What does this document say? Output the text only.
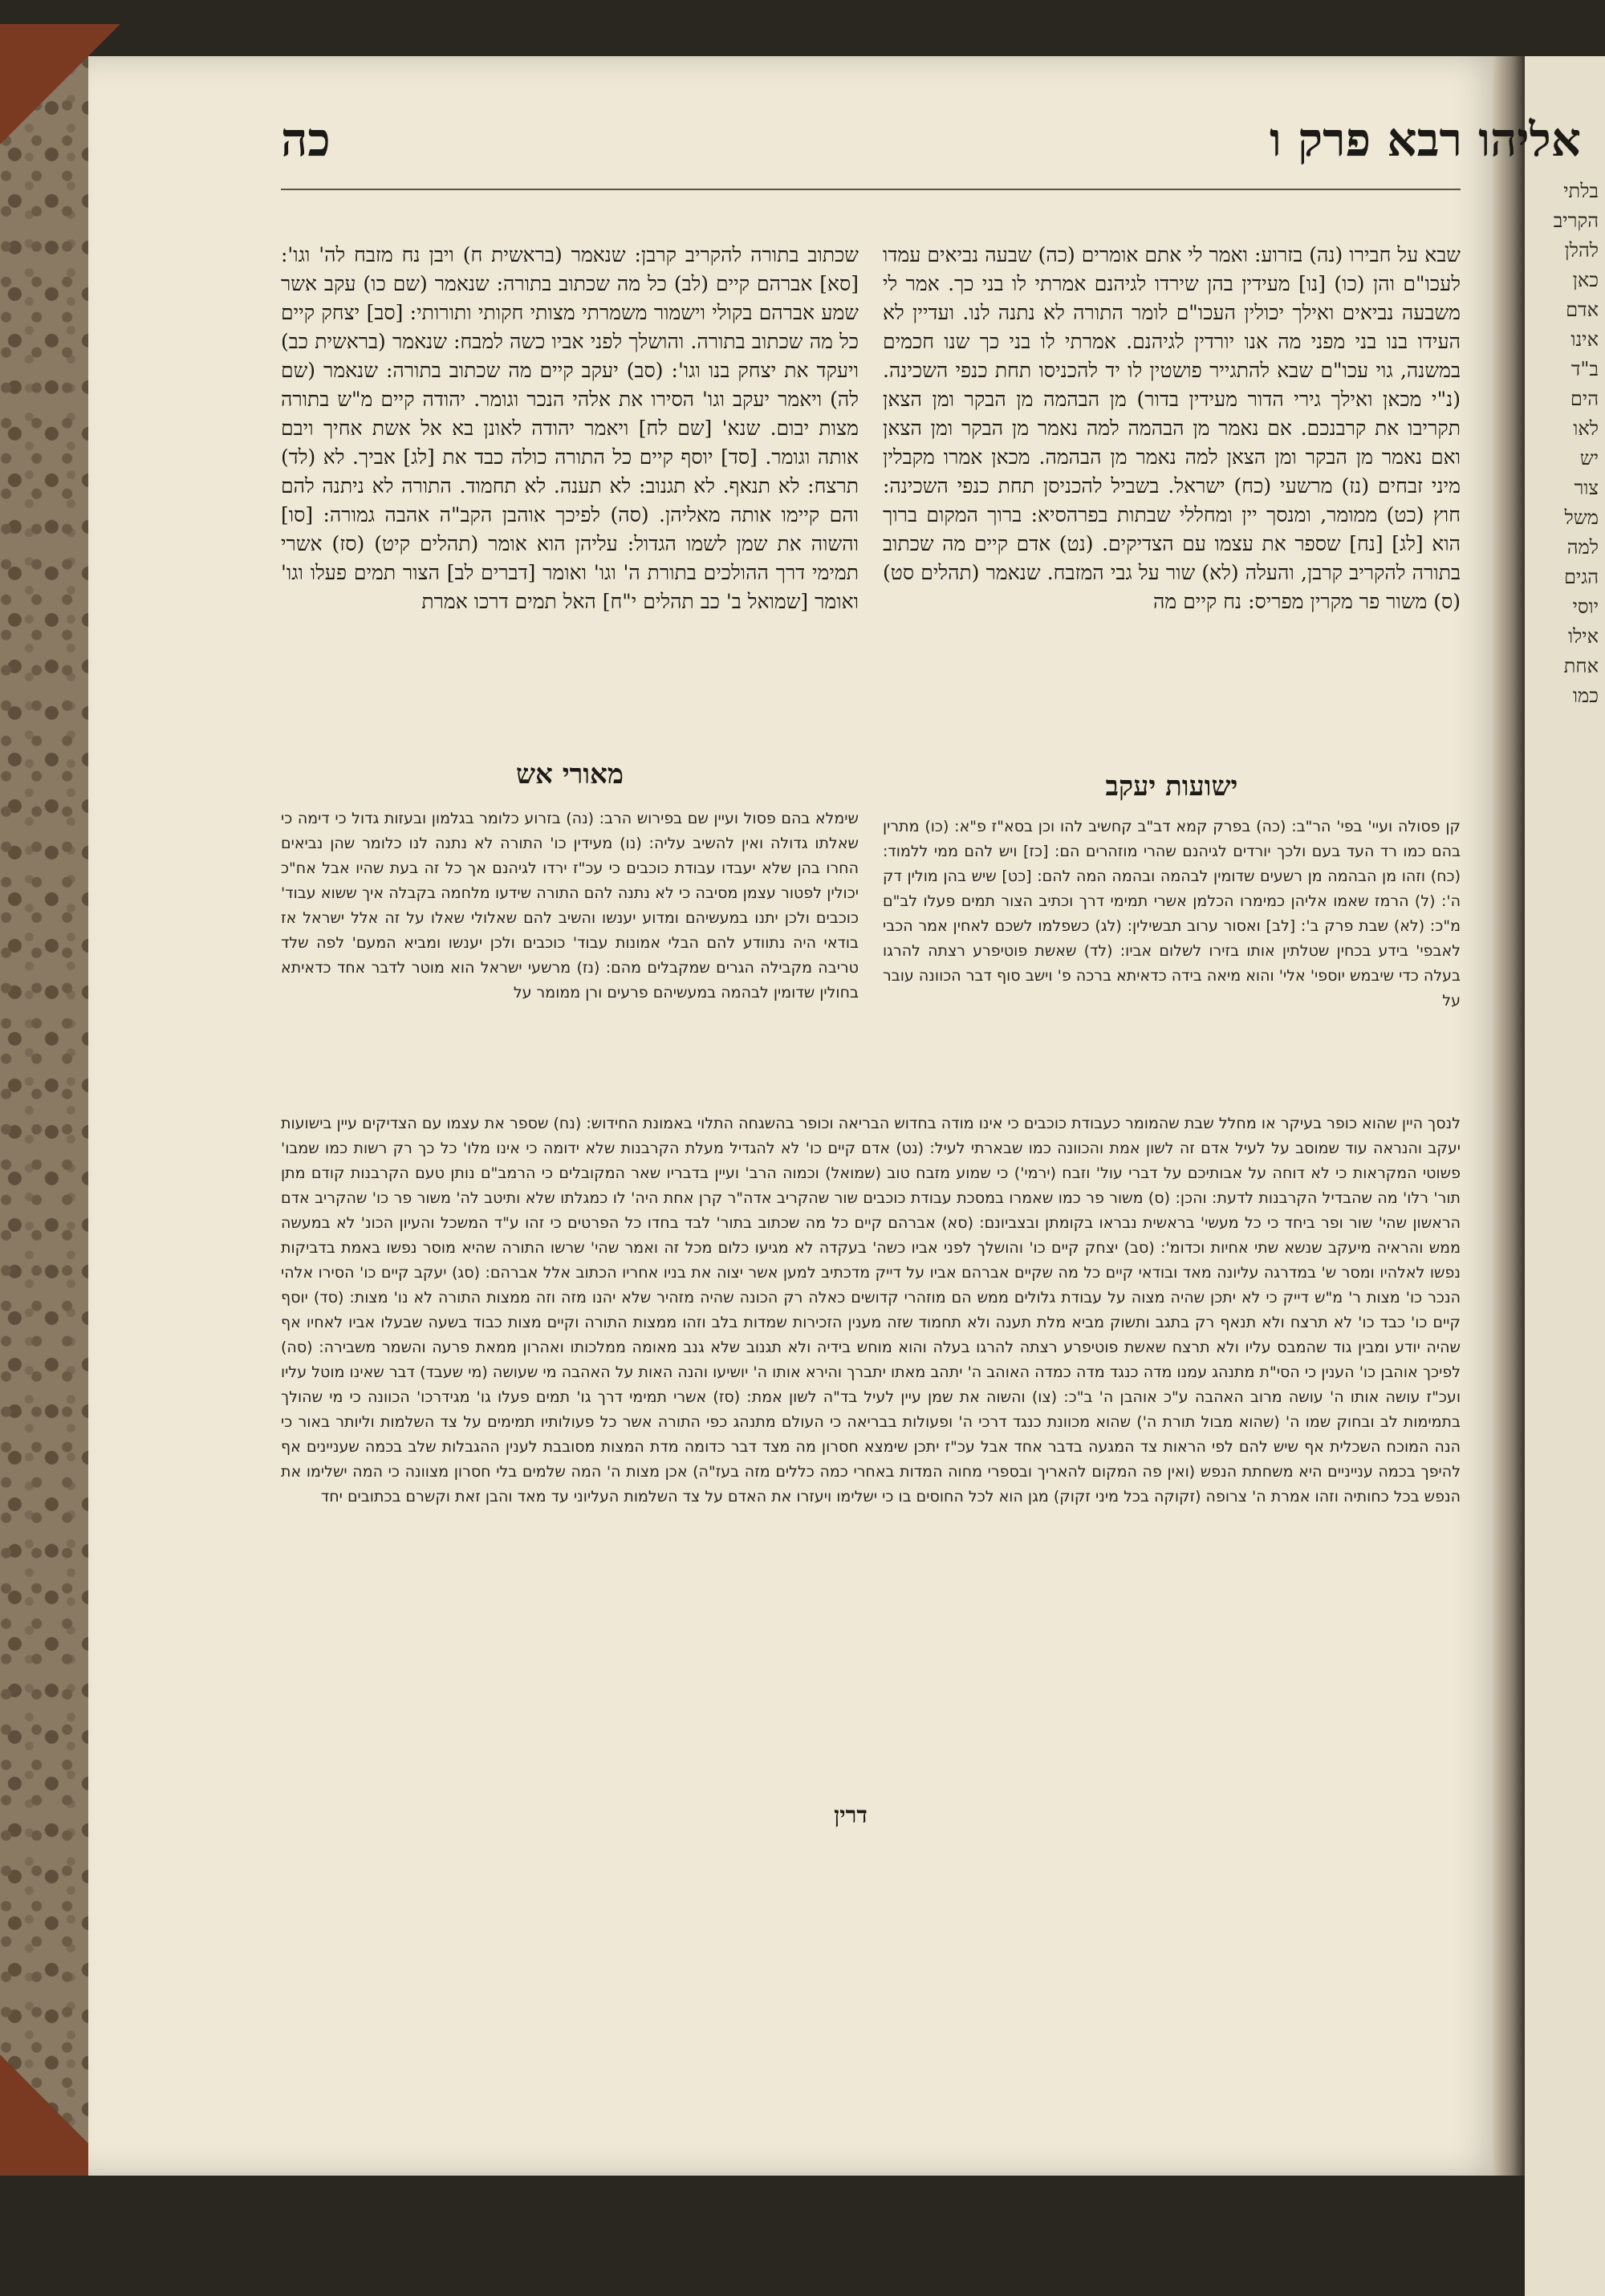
בלתי
הקריב
להלן
כאן
אדם
אינו
ב"ד
הים
לאו
יש
צור
משל
למה
הגים
יוסי
אילו
אחת
כמו
אליהו רבא פרק ו
כה

שבא על חבירו (נה) בזרוע: ואמר לי אתם אומרים (כה) שבעה נביאים עמדו לעכו"ם והן (כו) [נו] מעידין בהן שירדו לגיהנם אמרתי לו בני כך. אמר לי משבעה נביאים ואילך יכולין העכו"ם לומר התורה לא נתנה לנו. ועדיין לא העידו בנו בני מפני מה אנו יורדין לגיהנם. אמרתי לו בני כך שנו חכמים במשנה, גוי עכו"ם שבא להתגייר פושטין לו יד להכניסו תחת כנפי השכינה. (נ"י מכאן ואילך גירי הדור מעידין בדור) מן הבהמה מן הבקר ומן הצאן תקריבו את קרבנכם. אם נאמר מן הבהמה למה נאמר מן הבקר ומן הצאן ואם נאמר מן הבקר ומן הצאן למה נאמר מן הבהמה. מכאן אמרו מקבלין מיני זבחים (נז) מרשעי (כח) ישראל. בשביל להכניסן תחת כנפי השכינה: חוץ (כט) ממומר, ומנסך יין ומחללי שבתות בפרהסיא: ברוך המקום ברוך הוא [לג] [נח] שספר את עצמו עם הצדיקים. (נט) אדם קיים מה שכתוב בתורה להקריב קרבן, והעלה (לא) שור על גבי המזבח. שנאמר (תהלים סט) (ס) משור פר מקרין מפריס: נח קיים מה

שכתוב בתורה להקריב קרבן: שנאמר (בראשית ח) ויבן נח מזבח לה' וגו': [סא] אברהם קיים (לב) כל מה שכתוב בתורה: שנאמר (שם כו) עקב אשר שמע אברהם בקולי וישמור משמרתי מצותי חקותי ותורותי: [סב] יצחק קיים כל מה שכתוב בתורה. והושלך לפני אביו כשה למבח: שנאמר (בראשית כב) ויעקד את יצחק בנו וגו': (סב) יעקב קיים מה שכתוב בתורה: שנאמר (שם לה) ויאמר יעקב וגו' הסירו את אלהי הנכר וגומר. יהודה קיים מ"ש בתורה מצות יבום. שנא' [שם לח] ויאמר יהודה לאונן בא אל אשת אחיך ויבם אותה וגומר. [סד] יוסף קיים כל התורה כולה כבד את [לג] אביך. לא (לד) תרצח: לא תנאף. לא תגנוב: לא תענה. לא תחמוד. התורה לא ניתנה להם והם קיימו אותה מאליהן. (סה) לפיכך אוהבן הקב"ה אהבה גמורה: [סו] והשוה את שמן לשמו הגדול: עליהן הוא אומר (תהלים קיט) (סז) אשרי תמימי דרך ההולכים בתורת ה' וגו' ואומר [דברים לב] הצור תמים פעלו וגו' ואומר [שמואל ב' כב תהלים י"ח] האל תמים דרכו אמרת

ישועות יעקב
מאורי אש

קן פסולה ועיי' בפי' הר"ב: (כה) בפרק קמא דב"ב קחשיב להו וכן בסא"ז פ"א: (כו) מתרין בהם כמו רד העד בעם ולכך יורדים לגיהנם שהרי מוזהרים הם: [כז] ויש להם ממי ללמוד: (כח) וזהו מן הבהמה מן רשעים שדומין לבהמה ובהמה המה להם: [כט] שיש בהן מולין דק ה': (ל) הרמז שאמו אליהן כמימרו הכלמן אשרי תמימי דרך וכתיב הצור תמים פעלו לב"ם מ"כ: (לא) שבת פרק ב': [לב] ואסור ערוב תבשילין: (לג) כשפלמו לשכם לאחין אמר הכבי לאבפי' בידע בכחין שטלתין אותו בזירו לשלום אביו: (לד) שאשת פוטיפרע רצתה להרגו בעלה כדי שיבמש יוספי' אלי' והוא מיאה בידה כדאיתא ברכה פ' וישב סוף דבר הכוונה עובר על

שימלא בהם פסול ועיין שם בפירוש הרב: (נה) בזרוע כלומר בגלמון ובעזות גדול כי דימה כי שאלתו גדולה ואין להשיב עליה: (נו) מעידין כו' התורה לא נתנה לנו כלומר שהן נביאים החרו בהן שלא יעבדו עבודת כוכבים כי עכ"ז ירדו לגיהנם אך כל זה בעת שהיו אבל אח"כ יכולין לפטור עצמן מסיבה כי לא נתנה להם התורה שידעו מלחמה בקבלה איך ששוא עבוד' כוכבים ולכן יתנו במעשיהם ומדוע יענשו והשיב להם שאלולי שאלו על זה אלל ישראל אז בודאי היה נתוודע להם הבלי אמונות עבוד' כוכבים ולכן יענשו ומביא המעם' לפה שלד טריבה מקבילה הגרים שמקבלים מהם: (נז) מרשעי ישראל הוא מוטר לדבר אחד כדאיתא בחולין שדומין לבהמה במעשיהם פרעים ורן ממומר על

לנסך היין שהוא כופר בעיקר או מחלל שבת שהמומר כעבודת כוכבים כי אינו מודה בחדוש הבריאה וכופר בהשגחה התלוי באמונת החידוש: (נח) שספר את עצמו עם הצדיקים עיין בישועות יעקב והנראה עוד שמוסב על לעיל אדם זה לשון אמת והכוונה כמו שבארתי לעיל: (נט) אדם קיים כו' לא להגדיל מעלת הקרבנות שלא ידומה כי אינו מלו' כל כך רק רשות כמו שמבו' פשוטי המקראות כי לא דוחה על אבותיכם על דברי עול' וזבח (ירמי') כי שמוע מזבח טוב (שמואל) וכמוה הרב' ועיין בדבריו שאר המקובלים כי הרמב"ם נותן טעם הקרבנות קודם מתן תור' רלו' מה שהבדיל הקרבנות לדעת: והכן: (ס) משור פר כמו שאמרו במסכת עבודת כוכבים שור שהקריב אדה"ר קרן אחת היה' לו כמגלתו שלא ותיטב לה' משור פר כו' שהקריב אדם הראשון שהי' שור ופר ביחד כי כל מעשי' בראשית נבראו בקומתן ובצביונם: (סא) אברהם קיים כל מה שכתוב בתור' לבד בחדו כל הפרטים כי זהו ע"ד המשכל והעיון הכונ' לא במעשה ממש והראיה מיעקב שנשא שתי אחיות וכדומ': (סב) יצחק קיים כו' והושלך לפני אביו כשה' בעקדה לא מגיעו כלום מכל זה ואמר שהי' שרשו התורה שהיא מוסר נפשו באמת בדביקות נפשו לאלהיו ומסר ש' במדרגה עליונה מאד ובודאי קיים כל מה שקיים אברהם אביו על דייק מדכתיב למען אשר יצוה את בניו אחריו הכתוב אלל אברהם: (סג) יעקב קיים כו' הסירו אלהי הנכר כו' מצות ר' מ"ש דייק כי לא יתכן שהיה מצוה על עבודת גלולים ממש הם מוזהרי קדושים כאלה רק הכונה שהיה מזהיר שלא יהנו מזה וזה ממצות התורה לא נו' מצות: (סד) יוסף קיים כו' כבד כו' לא תרצח ולא תנאף רק בתגב ותשוק מביא מלת תענה ולא תחמוד שזה מענין הזכירות שמדות בלב וזהו ממצות התורה וקיים מצות כבוד בשעה שבעלו אביו לאחיו אף שהיה יודע ומבין גוד שהמבס עליו ולא תרצח שאשת פוטיפרע רצתה להרגו בעלה והוא מוחש בידיה ולא תגנוב שלא גנב מאומה ממלכותו ואהרון ממאת פרעה והשמר משבירה: (סה) לפיכך אוהבן כו' הענין כי הסי"ת מתנהג עמנו מדה כנגד מדה כמדה האוהב ה' יתהב מאתו יתברך והירא אותו ה' יושיעו והנה האות על האהבה מי שעושה (מי שעבד) דבר שאינו מוטל עליו ועכ"ז עושה אותו ה' עושה מרוב האהבה ע"כ אוהבן ה' ב"כ: (צו) והשוה את שמן עיין לעיל בד"ה לשון אמת: (סז) אשרי תמימי דרך גו' תמים פעלו גו' מגידרכו' הכוונה כי מי שהולך בתמימות לב ובחוק שמו ה' (שהוא מבול תורת ה') שהוא מכוונת כנגד דרכי ה' ופעולות בבריאה כי העולם מתנהג כפי התורה אשר כל פעולותיו תמימים על צד השלמות וליותר באור כי הנה המוכח השכלית אף שיש להם לפי הראות צד המגעה בדבר אחד אבל עכ"ז יתכן שימצא חסרון מה מצד דבר כדומה מדת המצות מסובבת לענין ההגבלות שלב בכמה שעניינים אף להיפך בכמה ענייניים היא משחתת הנפש (ואין פה המקום להאריך ובספרי מחוה המדות באחרי כמה כללים מזה בעז"ה) אכן מצות ה' המה שלמים בלי חסרון מצוונה כי המה ישלימו את הנפש בכל כחותיה וזהו אמרת ה' צרופה (זקוקה בכל מיני זקוק) מגן הוא לכל החוסים בו כי ישלימו ויעזרו את האדם על צד השלמות העליוני עד מאד והבן זאת וקשרם בכתובים יחד

דרין
